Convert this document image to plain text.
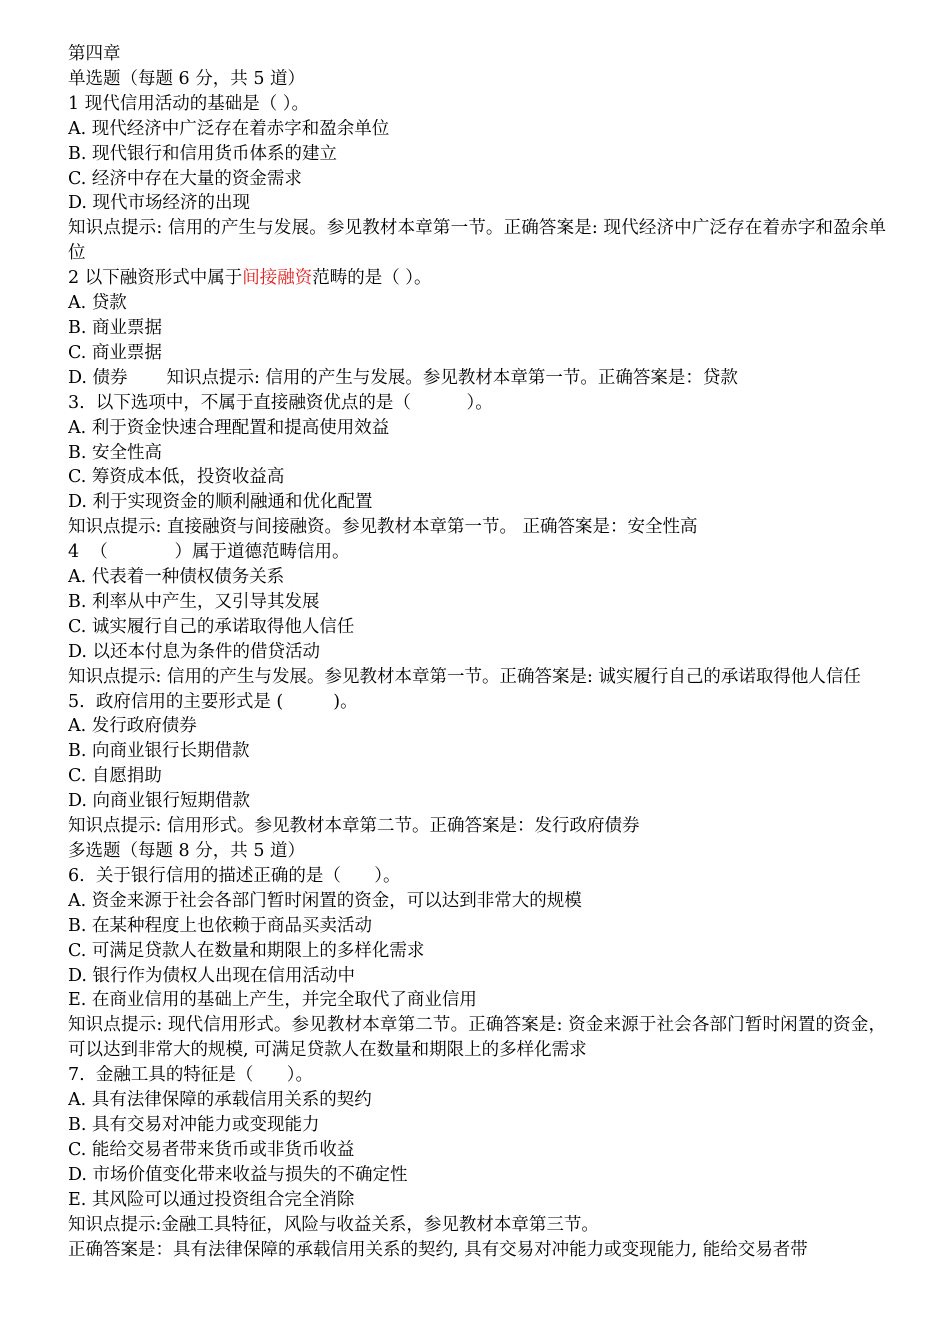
第四章
单选题（每题 6 分，共 5 道）
1 现代信用活动的基础是（ ）。
A. 现代经济中广泛存在着赤字和盈余单位
B. 现代银行和信用货币体系的建立
C. 经济中存在大量的资金需求
D. 现代市场经济的出现
知识点提示: 信用的产生与发展。参见教材本章第一节。正确答案是: 现代经济中广泛存在着赤字和盈余单位
2 以下融资形式中属于间接融资范畴的是（ ）。
A. 贷款
B. 商业票据
C. 商业票据
D. 债券       知识点提示: 信用的产生与发展。参见教材本章第一节。正确答案是：贷款
3.  以下选项中，不属于直接融资优点的是（          ）。
A. 利于资金快速合理配置和提高使用效益
B. 安全性高
C. 筹资成本低，投资收益高
D. 利于实现资金的顺利融通和优化配置
知识点提示: 直接融资与间接融资。参见教材本章第一节。 正确答案是：安全性高
4  （            ）属于道德范畴信用。
A. 代表着一种债权债务关系
B. 利率从中产生，又引导其发展
C. 诚实履行自己的承诺取得他人信任
D. 以还本付息为条件的借贷活动
知识点提示: 信用的产生与发展。参见教材本章第一节。正确答案是: 诚实履行自己的承诺取得他人信任
5.  政府信用的主要形式是 (         )。
A. 发行政府债券
B. 向商业银行长期借款
C. 自愿捐助
D. 向商业银行短期借款
知识点提示: 信用形式。参见教材本章第二节。正确答案是：发行政府债券
多选题（每题 8 分，共 5 道）
6.  关于银行信用的描述正确的是（      ）。
A. 资金来源于社会各部门暂时闲置的资金，可以达到非常大的规模
B. 在某种程度上也依赖于商品买卖活动
C. 可满足贷款人在数量和期限上的多样化需求
D. 银行作为债权人出现在信用活动中
E. 在商业信用的基础上产生，并完全取代了商业信用
知识点提示: 现代信用形式。参见教材本章第二节。正确答案是: 资金来源于社会各部门暂时闲置的资金，可以达到非常大的规模, 可满足贷款人在数量和期限上的多样化需求
7.  金融工具的特征是（      ）。
A. 具有法律保障的承载信用关系的契约
B. 具有交易对冲能力或变现能力
C. 能给交易者带来货币或非货币收益
D. 市场价值变化带来收益与损失的不确定性
E. 其风险可以通过投资组合完全消除
知识点提示:金融工具特征，风险与收益关系，参见教材本章第三节。
正确答案是：具有法律保障的承载信用关系的契约, 具有交易对冲能力或变现能力, 能给交易者带
